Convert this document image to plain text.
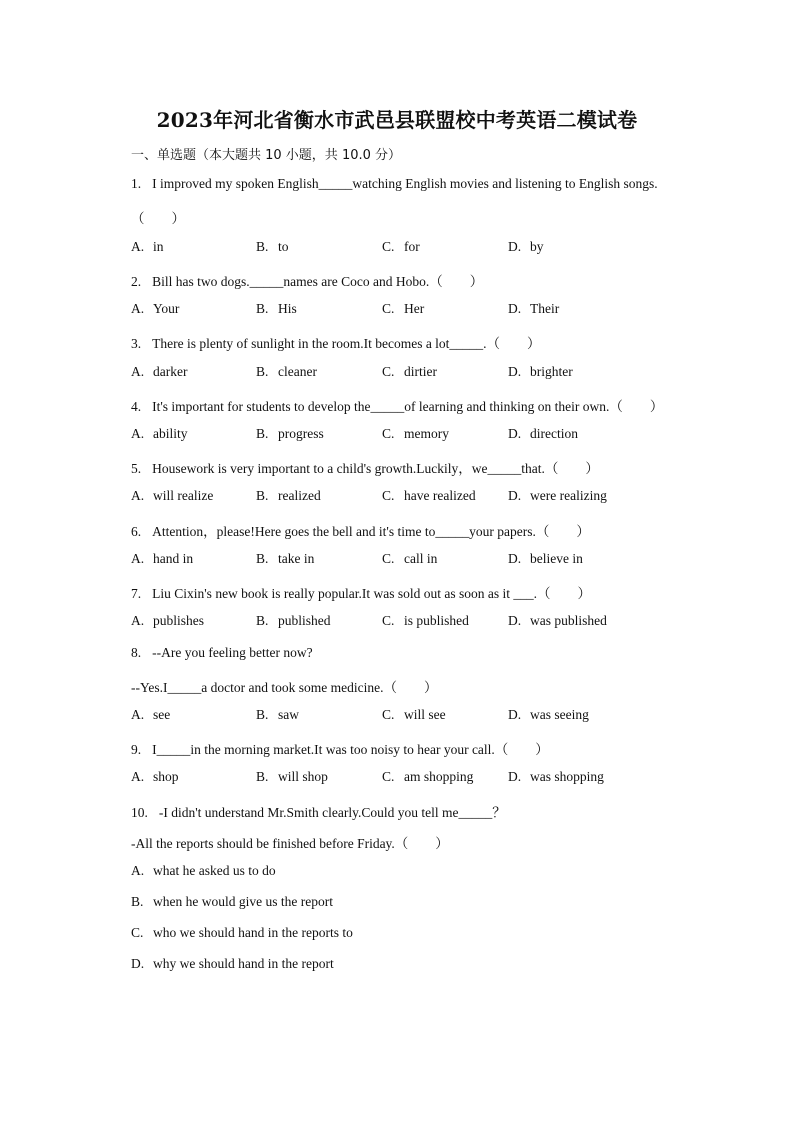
2023年河北省衡水市武邑县联盟校中考英语二模试卷
一、单选题（本大题共 10 小题，共 10.0 分）
1. I improved my spoken English_____watching English movies and listening to English songs.
（　　）
A. in	B. to	C. for	D. by
2. Bill has two dogs._____names are Coco and Hobo.（　　）
A. Your	B. His	C. Her	D. Their
3. There is plenty of sunlight in the room.It becomes a lot_____.（　　）
A. darker	B. cleaner	C. dirtier	D. brighter
4. It's important for students to develop the_____of learning and thinking on their own.（　　）
A. ability	B. progress	C. memory	D. direction
5. Housework is very important to a child's growth.Luckily，we_____that.（　　）
A. will realize	B. realized	C. have realized D. were realizing
6. Attention，please!Here goes the bell and it's time to_____your papers.（　　）
A. hand in	B. take in	C. call in	D. believe in
7. Liu Cixin's new book is really popular.It was sold out as soon as it ___.（　　）
A. publishes	B. published	C. is published	D. was published
8. --Are you feeling better now?
--Yes.I_____a doctor and took some medicine.（　　）
A. see	B. saw	C. will see	D. was seeing
9. I_____in the morning market.It was too noisy to hear your call.（　　）
A. shop	B. will shop	C. am shopping	D. was shopping
10. -I didn't understand Mr.Smith clearly.Could you tell me_____？
-All the reports should be finished before Friday.（　　）
A. what he asked us to do
B. when he would give us the report
C. who we should hand in the reports to
D. why we should hand in the report
